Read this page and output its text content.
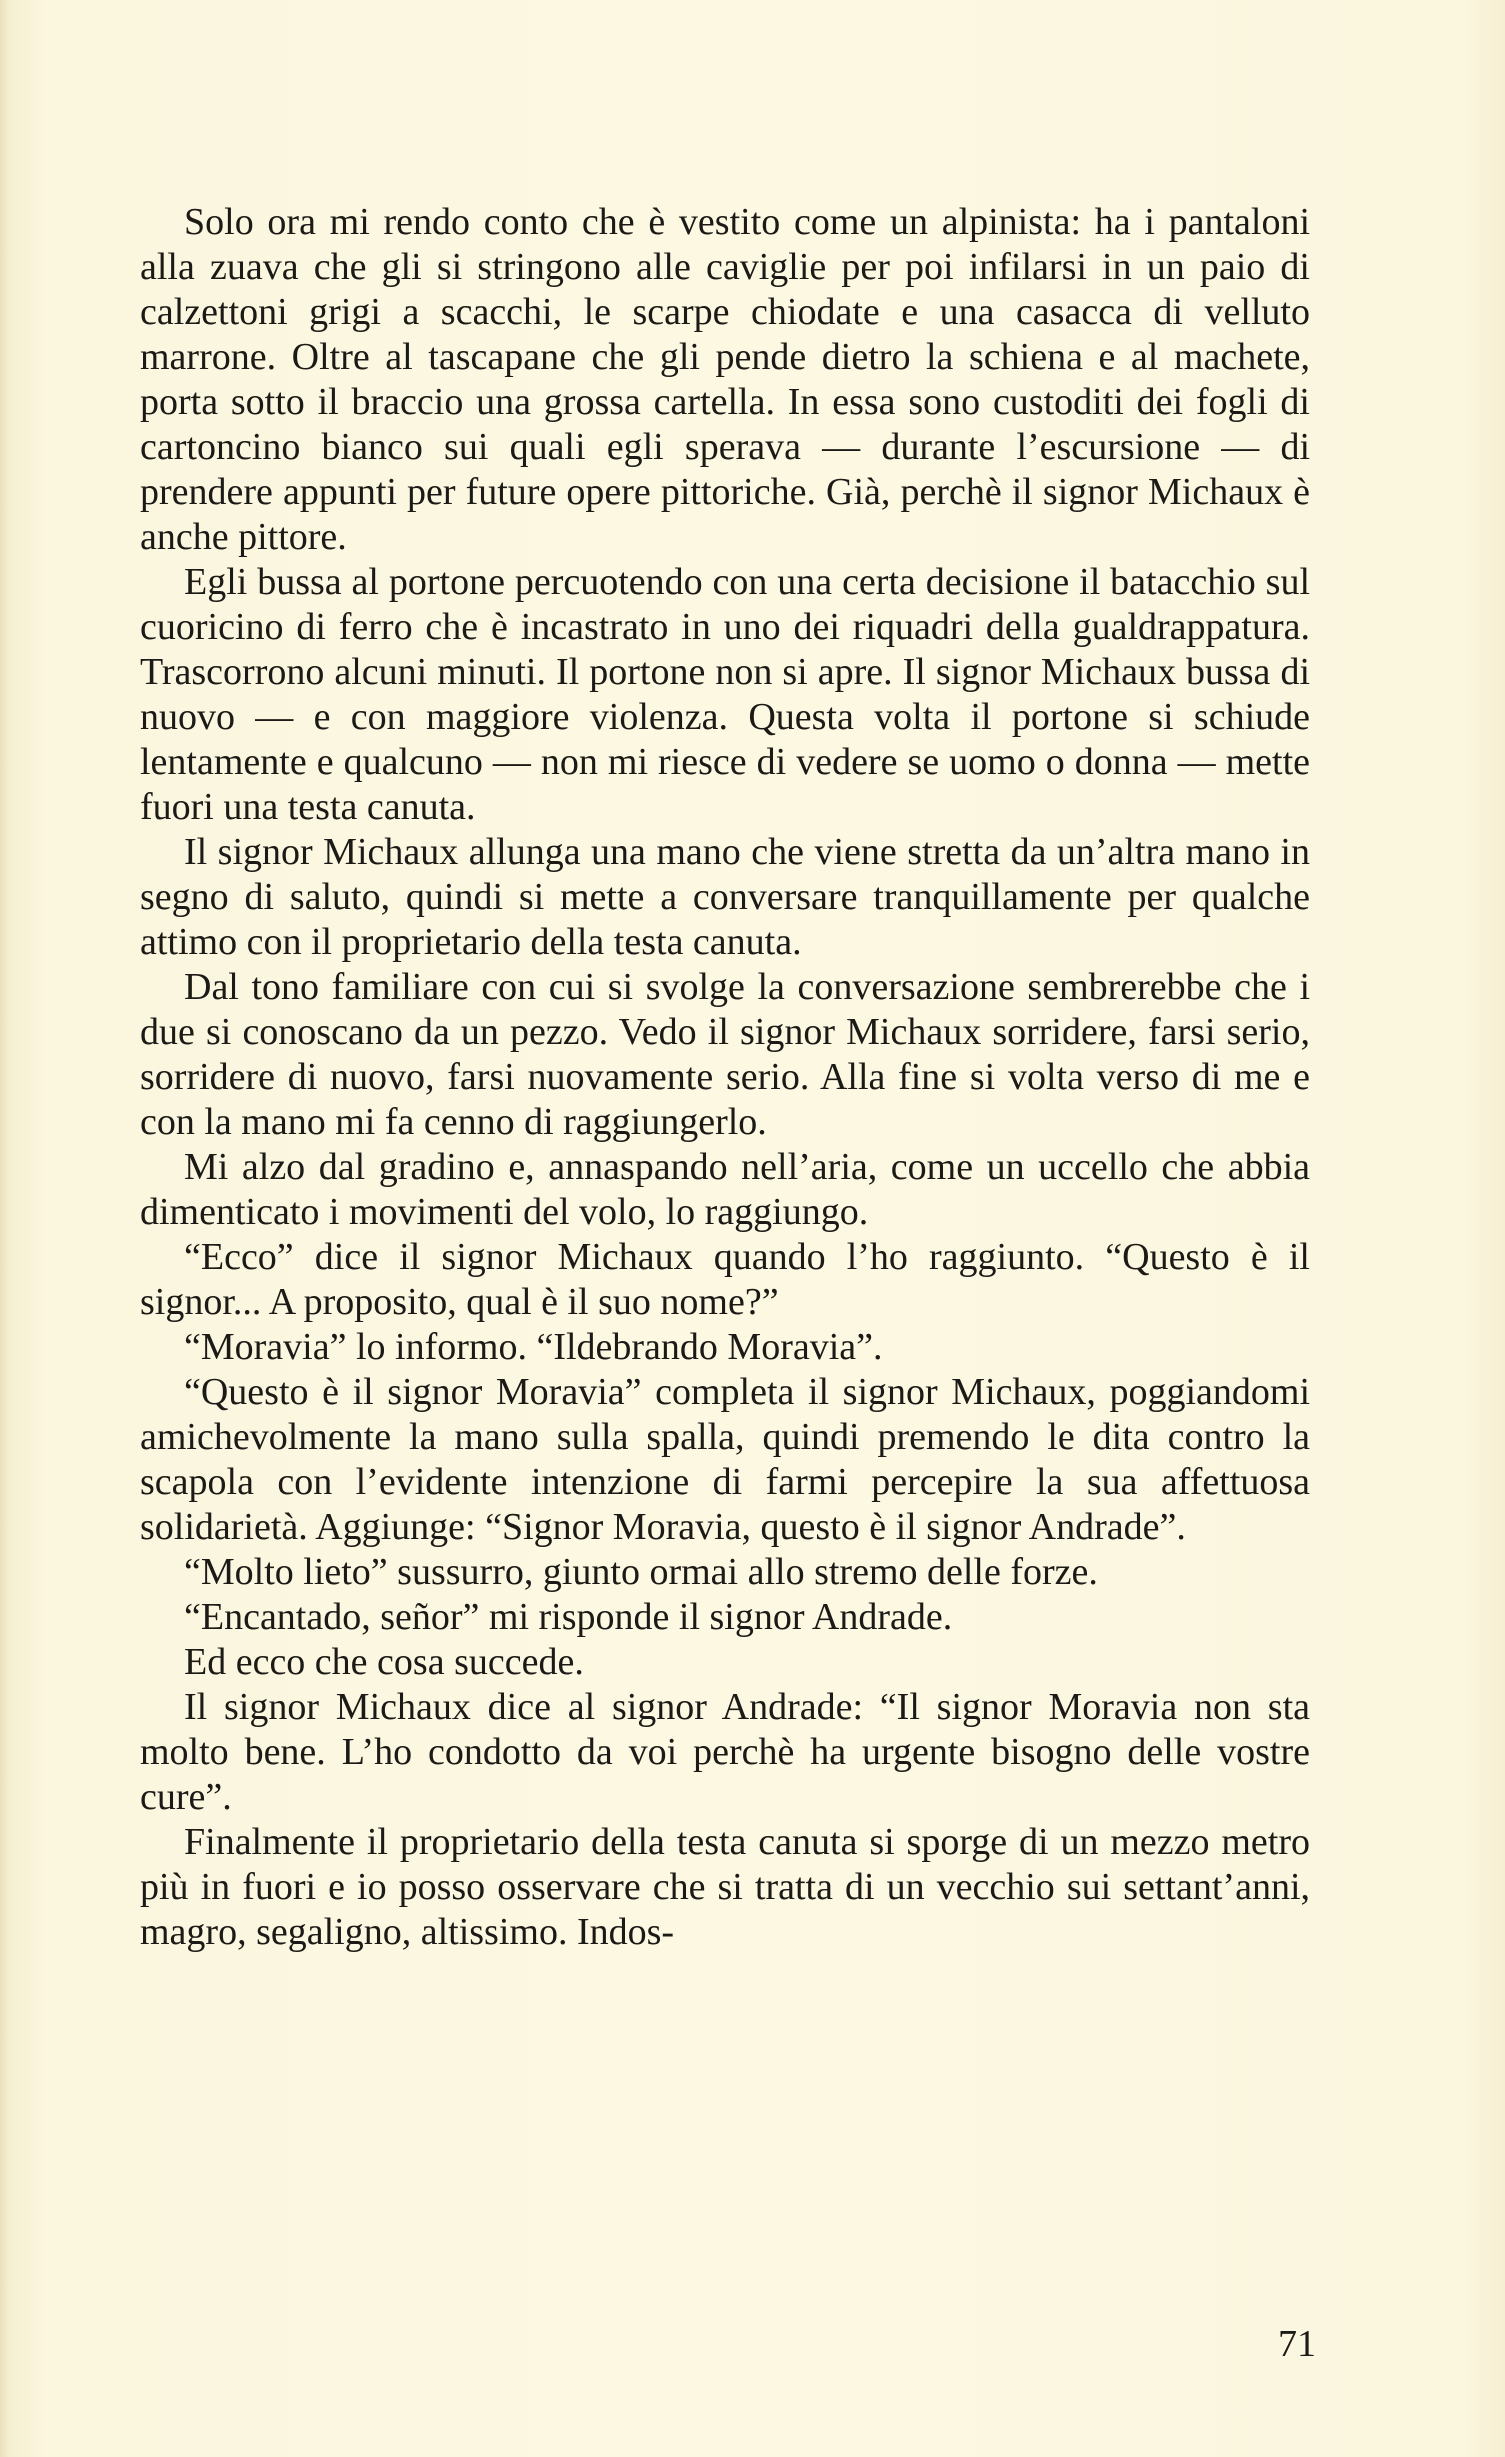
Solo ora mi rendo conto che è vestito come un alpinista: ha i pantaloni alla zuava che gli si stringono alle caviglie per poi infilarsi in un paio di calzettoni grigi a scacchi, le scarpe chiodate e una casacca di velluto marrone. Oltre al tascapane che gli pende dietro la schiena e al machete, porta sotto il braccio una grossa cartella. In essa sono custoditi dei fogli di cartoncino bianco sui quali egli sperava — durante l’escursione — di prendere appunti per future opere pittoriche. Già, perchè il signor Michaux è anche pittore.

Egli bussa al portone percuotendo con una certa decisione il batacchio sul cuoricino di ferro che è incastrato in uno dei riquadri della gualdrappatura. Trascorrono alcuni minuti. Il portone non si apre. Il signor Michaux bussa di nuovo — e con maggiore violenza. Questa volta il portone si schiude lentamente e qualcuno — non mi riesce di vedere se uomo o donna — mette fuori una testa canuta.

Il signor Michaux allunga una mano che viene stretta da un’altra mano in segno di saluto, quindi si mette a conversare tranquillamente per qualche attimo con il proprietario della testa canuta.

Dal tono familiare con cui si svolge la conversazione sembrerebbe che i due si conoscano da un pezzo. Vedo il signor Michaux sorridere, farsi serio, sorridere di nuovo, farsi nuovamente serio. Alla fine si volta verso di me e con la mano mi fa cenno di raggiungerlo.

Mi alzo dal gradino e, annaspando nell’aria, come un uccello che abbia dimenticato i movimenti del volo, lo raggiungo.

“Ecco” dice il signor Michaux quando l’ho raggiunto. “Questo è il signor... A proposito, qual è il suo nome?”

“Moravia” lo informo. “Ildebrando Moravia”.

“Questo è il signor Moravia” completa il signor Michaux, poggiandomi amichevolmente la mano sulla spalla, quindi premendo le dita contro la scapola con l’evidente intenzione di farmi percepire la sua affettuosa solidarietà. Aggiunge: “Signor Moravia, questo è il signor Andrade”.

“Molto lieto” sussurro, giunto ormai allo stremo delle forze.

“Encantado, señor” mi risponde il signor Andrade.

Ed ecco che cosa succede.

Il signor Michaux dice al signor Andrade: “Il signor Moravia non sta molto bene. L’ho condotto da voi perchè ha urgente bisogno delle vostre cure”.

Finalmente il proprietario della testa canuta si sporge di un mezzo metro più in fuori e io posso osservare che si tratta di un vecchio sui settant’anni, magro, segaligno, altissimo. Indos-

71
